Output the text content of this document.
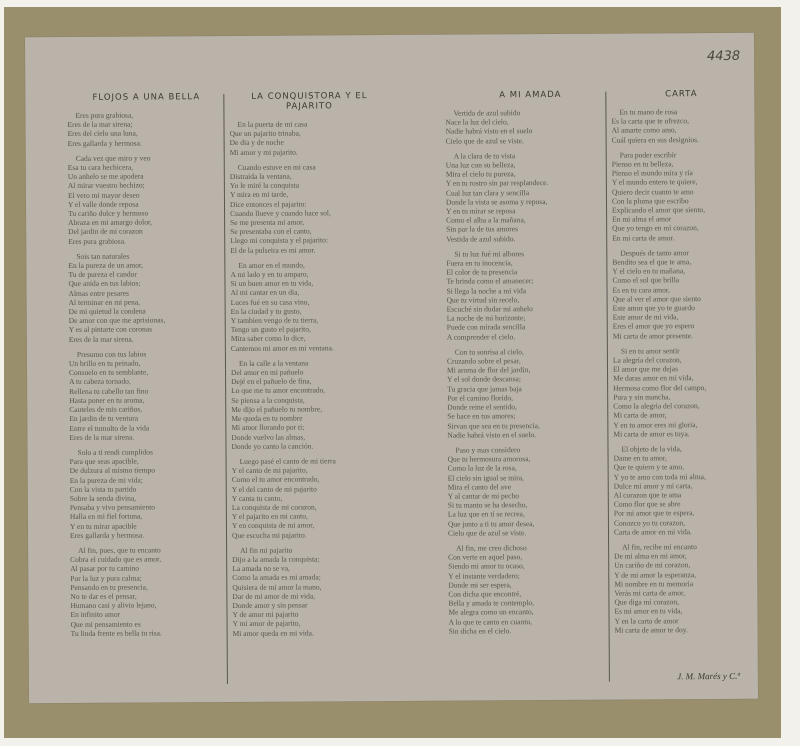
4438
FLOJOS A UNA BELLA
Eres pura grabiosa,
Eres de la mar sirena;
Eres del cielo una luna,
Eres gallarda y hermosa.
Cada vez que miro y veo
Esa tu cara hechicera,
Un anhelo se me apodera
Al mirar vuestro hechizo;
El vero mi mayor deseo
Y el valle donde reposa
Tu cariño dulce y hermoso
Abraza en mi amargo dolor,
Del jardin de mi corazon
Eres pura grabiosa.
Sois tan naturales
En la pureza de un amor,
Tu de pureza el candor
Que anida en tus labios;
Almas entre pesares
Al terminar en mi pena,
De mi quietud la condena
De amor con que me aprisionas,
Y es al pintarte con coronas
Eres de la mar sirena.
Presumo con tus labios
Un brillo en tu peinado,
Consuelo en tu semblante,
A tu cabeza tornado,
Rellena tu cabello tan fino
Hasta poner en tu aroma,
Cauteles de mis cariños,
En jardin de tu ventura
Entre el tumulto de la vida
Eres de la mar sirena.
Solo a ti rendi cumplidos
Para que seas apacible,
De dulzura al mismo tiempo
En la pureza de mi vida;
Con la vista tu partido
Sobre la senda divina,
Pensaba y vivo pensamiento
Halla en mi fiel fortuna,
Y en tu mirar apacible
Eres gallarda y hermosa.
Al fin, pues, que tu encanto
Cobra el cuidado que es amor,
Al pasar por tu camino
Por la luz y pura calma;
Pensando en tu presencia,
No te dar es el pensar,
Humano casi y alivio lejano,
En infinito amor
Que mi pensamiento es
Tu linda frente es bella tu risa.
LA CONQUISTORA Y EL PAJARITO
En la puerta de mi casa
Que un pajarito trinaba,
De dia y de noche
Mi amor y mi pajarito.
Cuando estuve en mi casa
Distraida la ventana,
Yo le miré la conquista
Y mira en mi tarde,
Dice entonces el pajarito:
Cuando llueve y cuando hace sol,
Se me presenta mi amor,
Se presentaba con el canto,
Llego mi conquista y el pajarito:
El de la pulseira es mi amor.
En amor en el mundo,
A mi lado y en tu amparo,
Si un buen amor en tu vida,
Al mi cantar en un dia,
Luces fué en su casa vino,
En la ciudad y tu gusto,
Y tambien vengo de tu tierra,
Tengo un gusto el pajarito,
Mira saber como lo dice,
Cantemos mi amor en mi ventana.
En la calle a la ventana
Del amor en mi pañuelo
Dejé en el pañuelo de fina,
Lo que me tu amor encontrado,
Se piensa a la conquista,
Me dijo el pañuelo tu nombre,
Me queda en tu nombre
Mi amor llorando por ti;
Donde vuelvo las almas,
Donde yo canto la canción.
Luego pasé el canto de mi tierra
Y el canto de mi pajarito,
Como el tu amor encontrado,
Y el del canto de mi pajarito
Y canta tu canto,
La conquista de mi corazon,
Y el pajarito en mi canto,
Y en conquista de mi amor,
Que escucha mi pajarito.
Al fin mi pajarito
Dijo a la amada la conquista;
La amada no se va,
Como la amada es mi amada;
Quisiera de mi amor la mano,
Dar de mi amor de mi vida,
Donde amor y sin pensar
Y de amor mi pajarito
Y mi amor de pajarito,
Mi amor queda en mi vida.
A MI AMADA
Vertida de azul subido
Nace la luz del cielo,
Nadie habrá visto en el suelo
Cielo que de azul se viste.
A la clara de tu vista
Una luz con su belleza,
Mira el cielo tu pureza,
Y en tu rostro sin par resplandece.
Cual luz tan clara y sencilla
Donde la vista se asoma y reposa,
Y en tu mirar se reposa
Como el alba a la mañana,
Sin par la de tus amores
Vestida de azul subido.
Si tu luz fué mi albores
Fuera en tu inocencia,
El color de tu presencia
Te brinda como el amanecer;
Si llega la noche a mi vida
Que tu virtud sin recelo,
Escuché sin dudar mi anhelo
La noche de mi horizonte;
Puede con mirada sencilla
A comprender el cielo.
Con tu sonrisa al cielo,
Cruzando sobre el pesar,
Mi aroma de flor del jardin,
Y el sol donde descansa;
Tu gracia que jamas baja
Por el camino florido,
Donde reine el sentido,
Se hace en tus amores;
Sirvan que sea en tu presencia,
Nadie habrá visto en el suelo.
Paso y mas considero
Que tu hermosura amorosa,
Como la luz de la rosa,
El cielo sin igual se mira,
Mira el canto del ave
Y al cantar de mi pecho
Si tu manto se ha desecho,
La luz que en ti se recrea,
Que junto a ti tu amor desea,
Cielo que de azul se viste.
Al fin, me creo dichoso
Con verte en aquel paso,
Siendo mi amor tu ocaso,
Y el instante verdadero;
Donde mi ser espera,
Con dicha que encontré,
Bella y amada te contemplo,
Me alegra como un encanto,
A lo que te canto en cuanto,
Sin dicha en el cielo.
CARTA
En tu mano de rosa
Es la carta que te ofrezco,
Al amarte como amo,
Cuál quiera en sus designios.
Para poder escribir
Pienso en tu belleza,
Pienso el mundo mira y ría
Y el mundo entero te quiere,
Quiero decir cuanto te amo
Con la pluma que escribo
Explicando el amor que siento,
En mi alma el amor
Que yo tengo en mi corazon,
En mi carta de amor.
Después de tanto amor
Bendito sea el que te ama,
Y el cielo en tu mañana,
Como el sol que brilla
Es en tu cara amor,
Que al ver el amor que siento
Este amor que yo te guardo
Este amor de mi vida,
Eres el amor que yo espero
Mi carta de amor presente.
Si en tu amor sentir
La alegría del corazon,
El amor que me dejas
Me daras amor en mi vida,
Hermosa como flor del campo,
Pura y sin mancha,
Como la alegria del corazon,
Mi carta de amor,
Y en tu amor eres mi gloria,
Mi carta de amor es tuya.
El objeto de la vida,
Dame en tu amor,
Que te quiero y te amo,
Y yo te amo con toda mi alma,
Dulce mi amor y mi carta,
Al corazon que te ama
Como flor que se abre
Por mi amor que te espera,
Conozco yo tu corazon,
Carta de amor en mi vida.
Al fin, recibe mi encanto
De mi alma en mi amor,
Un cariño de mi corazon,
Y de mi amor la esperanza,
Mi nombre en tu memoria
Verás mi carta de amor,
Que diga mi corazon,
Es mi amor en tu vida,
Y en la carta de amor
Mi carta de amor te doy.
J. M. Marés y C.ª
